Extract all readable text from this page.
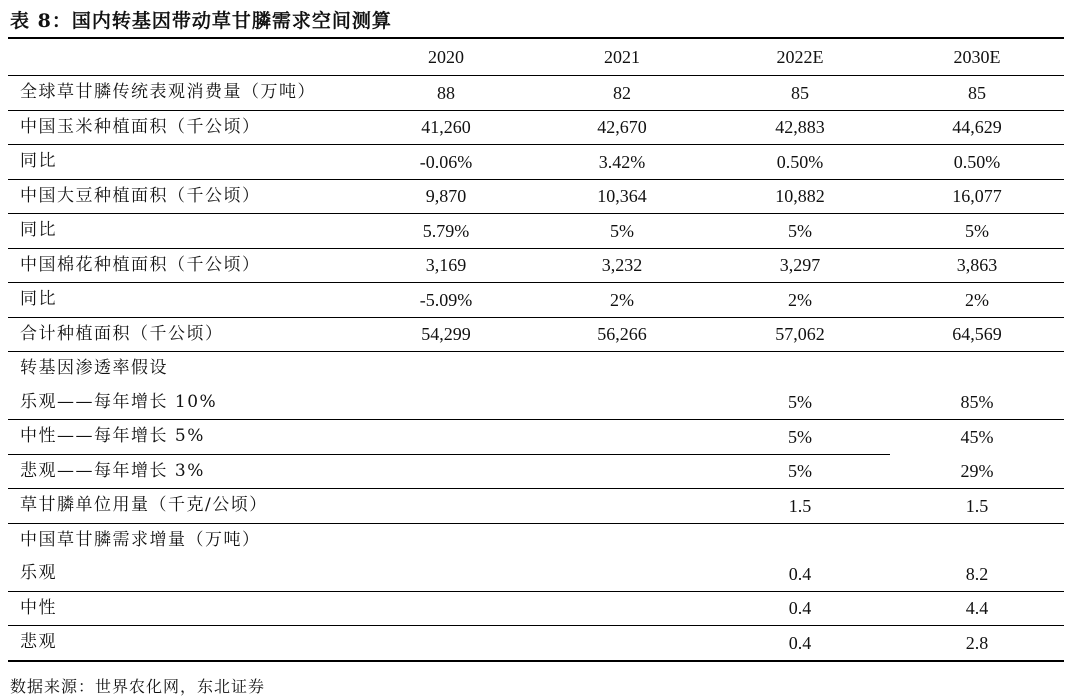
表 8：国内转基因带动草甘膦需求空间测算
	2020	2021	2022E	2030E
全球草甘膦传统表观消费量（万吨）	88	82	85	85
中国玉米种植面积（千公顷）	41,260	42,670	42,883	44,629
同比	-0.06%	3.42%	0.50%	0.50%
中国大豆种植面积（千公顷）	9,870	10,364	10,882	16,077
同比	5.79%	5%	5%	5%
中国棉花种植面积（千公顷）	3,169	3,232	3,297	3,863
同比	-5.09%	2%	2%	2%
合计种植面积（千公顷）	54,299	56,266	57,062	64,569
转基因渗透率假设				
乐观——每年增长 10%			5%	85%
中性——每年增长 5%			5%	45%
悲观——每年增长 3%			5%	29%
草甘膦单位用量（千克/公顷）			1.5	1.5
中国草甘膦需求增量（万吨）				
乐观			0.4	8.2
中性			0.4	4.4
悲观			0.4	2.8
数据来源：世界农化网，东北证券
